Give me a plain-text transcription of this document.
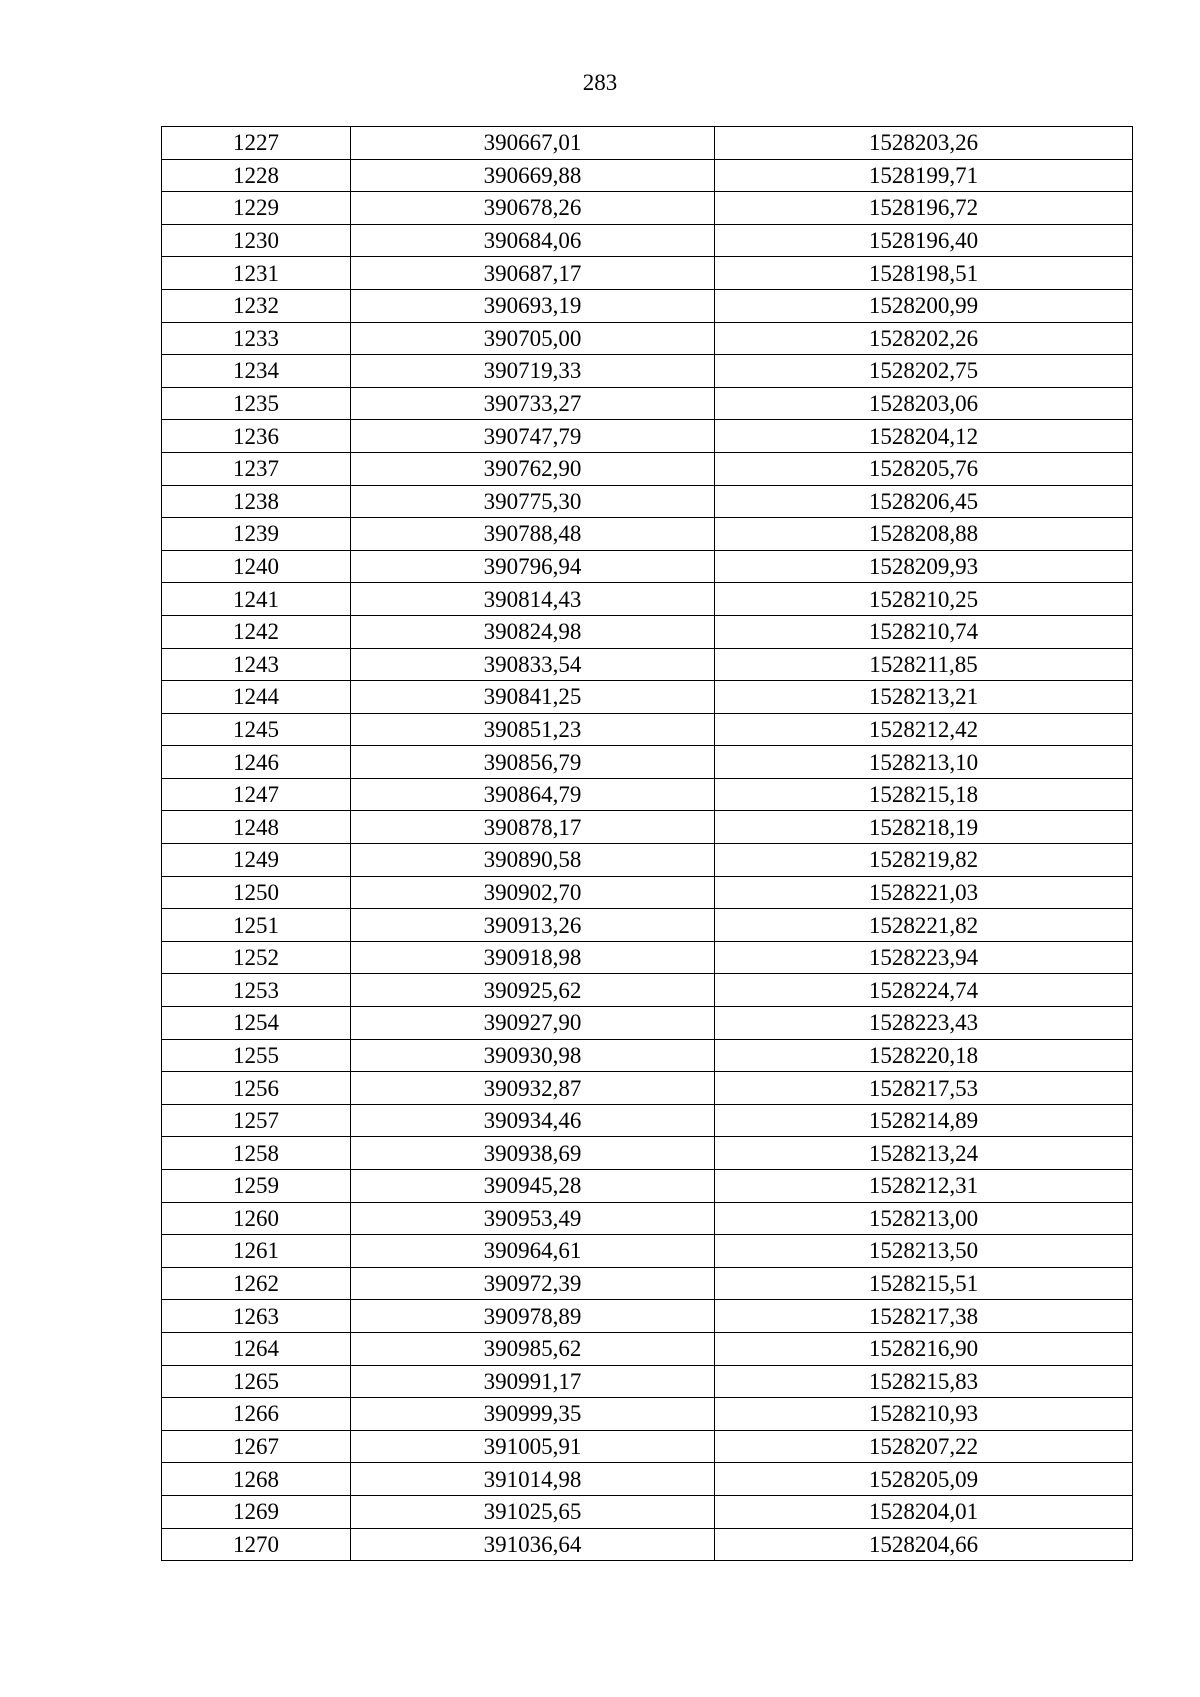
283
1227	390667,01	1528203,26
1228	390669,88	1528199,71
1229	390678,26	1528196,72
1230	390684,06	1528196,40
1231	390687,17	1528198,51
1232	390693,19	1528200,99
1233	390705,00	1528202,26
1234	390719,33	1528202,75
1235	390733,27	1528203,06
1236	390747,79	1528204,12
1237	390762,90	1528205,76
1238	390775,30	1528206,45
1239	390788,48	1528208,88
1240	390796,94	1528209,93
1241	390814,43	1528210,25
1242	390824,98	1528210,74
1243	390833,54	1528211,85
1244	390841,25	1528213,21
1245	390851,23	1528212,42
1246	390856,79	1528213,10
1247	390864,79	1528215,18
1248	390878,17	1528218,19
1249	390890,58	1528219,82
1250	390902,70	1528221,03
1251	390913,26	1528221,82
1252	390918,98	1528223,94
1253	390925,62	1528224,74
1254	390927,90	1528223,43
1255	390930,98	1528220,18
1256	390932,87	1528217,53
1257	390934,46	1528214,89
1258	390938,69	1528213,24
1259	390945,28	1528212,31
1260	390953,49	1528213,00
1261	390964,61	1528213,50
1262	390972,39	1528215,51
1263	390978,89	1528217,38
1264	390985,62	1528216,90
1265	390991,17	1528215,83
1266	390999,35	1528210,93
1267	391005,91	1528207,22
1268	391014,98	1528205,09
1269	391025,65	1528204,01
1270	391036,64	1528204,66
